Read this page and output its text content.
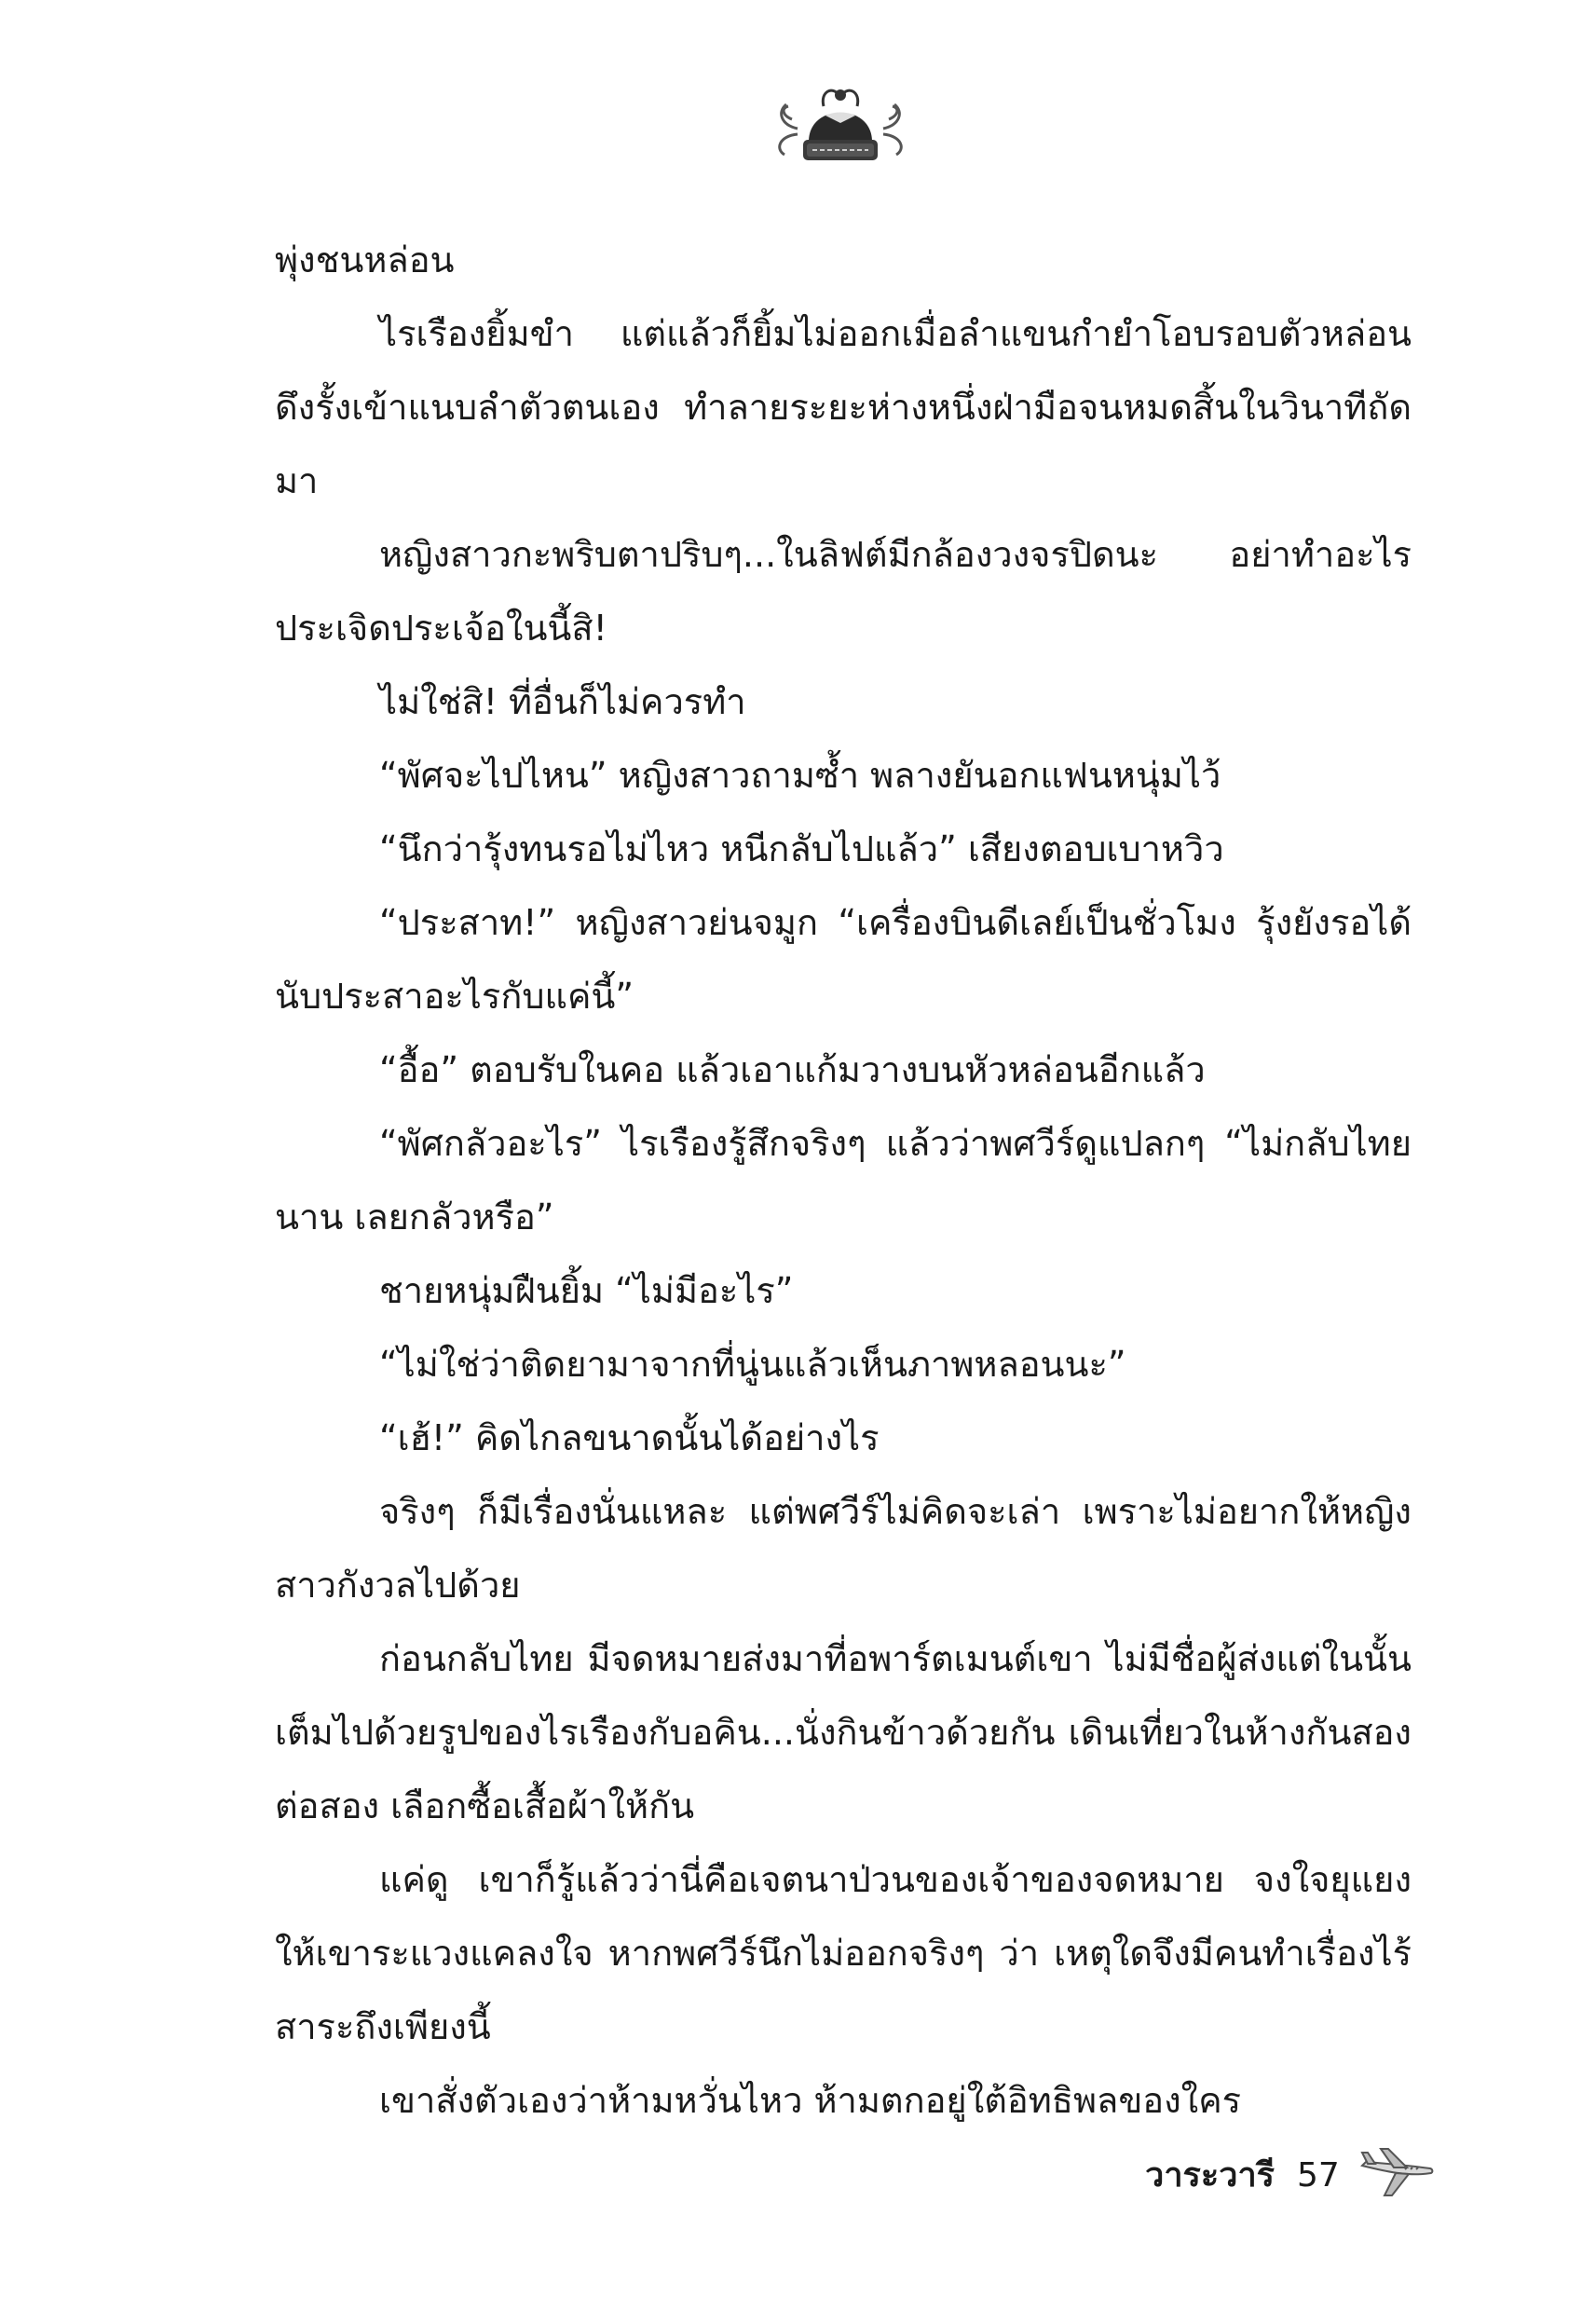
พุ่งชนหล่อน

ไรเรืองยิ้มขำ แต่แล้วก็ยิ้มไม่ออกเมื่อลำแขนกำยำโอบรอบตัวหล่อน ดึงรั้งเข้าแนบลำตัวตนเอง ทำลายระยะห่างหนึ่งฝ่ามือจนหมดสิ้นในวินาทีถัดมา

หญิงสาวกะพริบตาปริบๆ...ในลิฟต์มีกล้องวงจรปิดนะ อย่าทำอะไรประเจิดประเจ้อในนี้สิ!

ไม่ใช่สิ! ที่อื่นก็ไม่ควรทำ

“พัศจะไปไหน” หญิงสาวถามซ้ำ พลางยันอกแฟนหนุ่มไว้

“นึกว่ารุ้งทนรอไม่ไหว หนีกลับไปแล้ว” เสียงตอบเบาหวิว

“ประสาท!” หญิงสาวย่นจมูก “เครื่องบินดีเลย์เป็นชั่วโมง รุ้งยังรอได้ นับประสาอะไรกับแค่นี้”

“อื้อ” ตอบรับในคอ แล้วเอาแก้มวางบนหัวหล่อนอีกแล้ว

“พัศกลัวอะไร” ไรเรืองรู้สึกจริงๆ แล้วว่าพศวีร์ดูแปลกๆ “ไม่กลับไทยนาน เลยกลัวหรือ”

ชายหนุ่มฝืนยิ้ม “ไม่มีอะไร”

“ไม่ใช่ว่าติดยามาจากที่นู่นแล้วเห็นภาพหลอนนะ”

“เฮ้!” คิดไกลขนาดนั้นได้อย่างไร

จริงๆ ก็มีเรื่องนั่นแหละ แต่พศวีร์ไม่คิดจะเล่า เพราะไม่อยากให้หญิงสาวกังวลไปด้วย

ก่อนกลับไทย มีจดหมายส่งมาที่อพาร์ตเมนต์เขา ไม่มีชื่อผู้ส่งแต่ในนั้นเต็มไปด้วยรูปของไรเรืองกับอคิน...นั่งกินข้าวด้วยกัน เดินเที่ยวในห้างกันสองต่อสอง เลือกซื้อเสื้อผ้าให้กัน

แค่ดู เขาก็รู้แล้วว่านี่คือเจตนาป่วนของเจ้าของจดหมาย จงใจยุแยงให้เขาระแวงแคลงใจ หากพศวีร์นึกไม่ออกจริงๆ ว่า เหตุใดจึงมีคนทำเรื่องไร้สาระถึงเพียงนี้

เขาสั่งตัวเองว่าห้ามหวั่นไหว ห้ามตกอยู่ใต้อิทธิพลของใคร

วาระวารี 57
